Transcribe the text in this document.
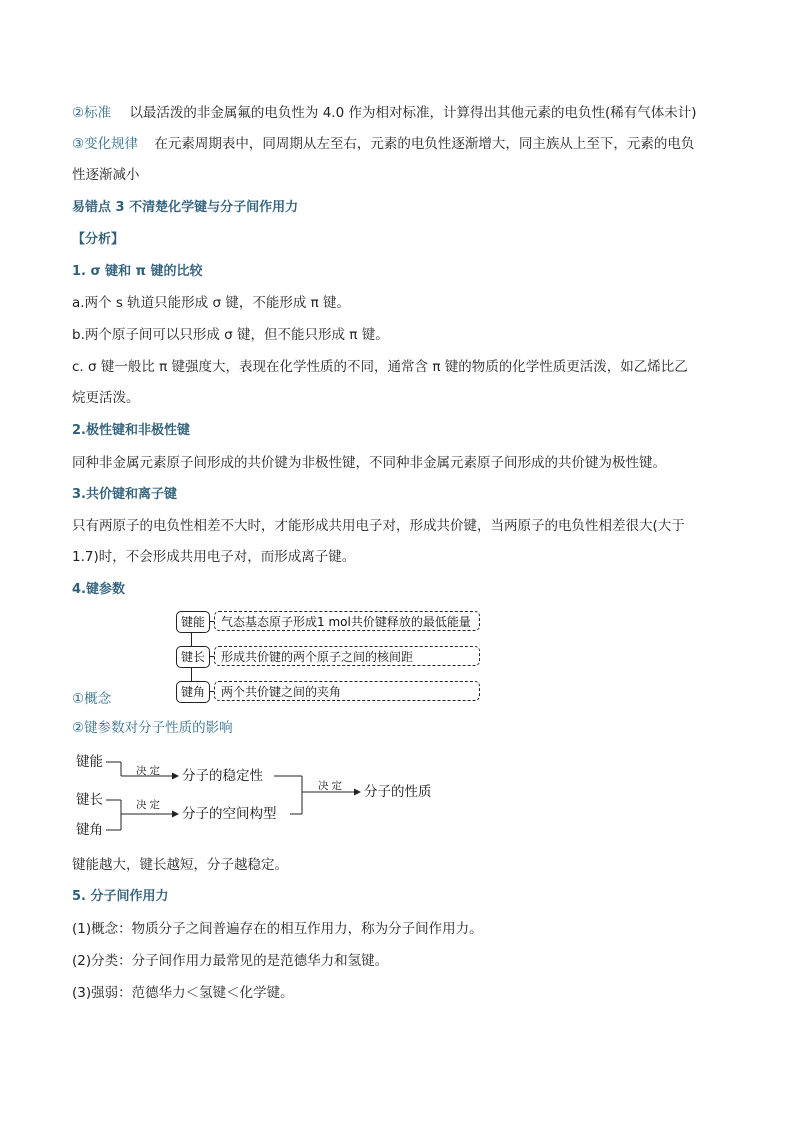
②标准 以最活泼的非金属氟的电负性为 4.0 作为相对标准，计算得出其他元素的电负性(稀有气体未计)
③变化规律 在元素周期表中，同周期从左至右，元素的电负性逐渐增大，同主族从上至下，元素的电负
性逐渐减小
易错点 3 不清楚化学键与分子间作用力
【分析】
1. σ 键和 π 键的比较
a.两个 s 轨道只能形成 σ 键，不能形成 π 键。
b.两个原子间可以只形成 σ 键，但不能只形成 π 键。
c. σ 键一般比 π 键强度大，表现在化学性质的不同，通常含 π 键的物质的化学性质更活泼，如乙烯比乙
烷更活泼。
2.极性键和非极性键
同种非金属元素原子间形成的共价键为非极性键，不同种非金属元素原子间形成的共价键为极性键。
3.共价键和离子键
只有两原子的电负性相差不大时，才能形成共用电子对，形成共价键，当两原子的电负性相差很大(大于
1.7)时，不会形成共用电子对，而形成离子键。
4.键参数
键能	气态基态原子形成1 mol共价键释放的最低能量
键长	形成共价键的两个原子之间的核间距
键角	两个共价键之间的夹角
①概念
②键参数对分子性质的影响
键能
键长
键角
决定
决定
决定
分子的稳定性
分子的空间构型
分子的性质
键能越大，键长越短，分子越稳定。
5. 分子间作用力
(1)概念：物质分子之间普遍存在的相互作用力，称为分子间作用力。
(2)分类：分子间作用力最常见的是范德华力和氢键。
(3)强弱：范德华力＜氢键＜化学键。
